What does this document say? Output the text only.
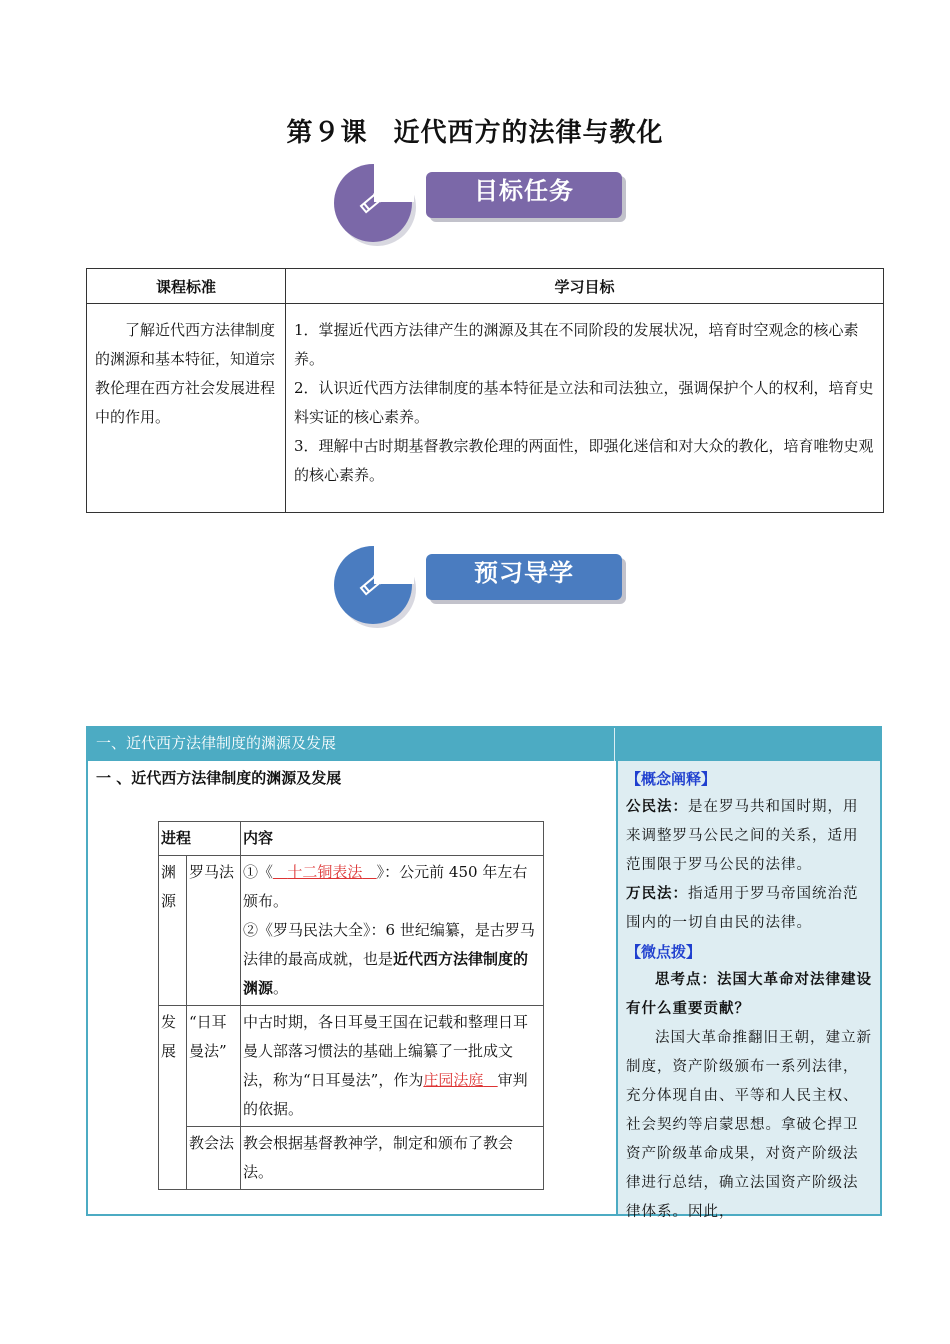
第９课 近代西方的法律与教化
目标任务
课程标准	学习目标
了解近代西方法律制度的渊源和基本特征，知道宗教伦理在西方社会发展进程中的作用。	1．掌握近代西方法律产生的渊源及其在不同阶段的发展状况，培育时空观念的核心素养。
2．认识近代西方法律制度的基本特征是立法和司法独立，强调保护个人的权利，培育史料实证的核心素养。
3．理解中古时期基督教宗教伦理的两面性，即强化迷信和对大众的教化，培育唯物史观的核心素养。
预习导学
一、近代西方法律制度的渊源及发展
一 、近代西方法律制度的渊源及发展
进程		内容
渊源	罗马法	①《 十二铜表法 》：公元前 450 年左右颁布。
②《罗马民法大全》：6 世纪编纂，是古罗马法律的最高成就，也是近代西方法律制度的渊源。

发展	“日耳曼法”	中古时期，各日耳曼王国在记载和整理日耳曼人部落习惯法的基础上编纂了一批成文法，称为“日耳曼法”，作为庄园法庭 审判的依据。
	教会法	教会根据基督教神学，制定和颁布了教会法。
【概念阐释】
公民法：是在罗马共和国时期，用来调整罗马公民之间的关系，适用范围限于罗马公民的法律。
万民法：指适用于罗马帝国统治范围内的一切自由民的法律。
【微点拨】
思考点：法国大革命对法律建设有什么重要贡献？
法国大革命推翻旧王朝，建立新制度，资产阶级颁布一系列法律，充分体现自由、平等和人民主权、社会契约等启蒙思想。拿破仑捍卫资产阶级革命成果，对资产阶级法律进行总结，确立法国资产阶级法律体系。因此，
